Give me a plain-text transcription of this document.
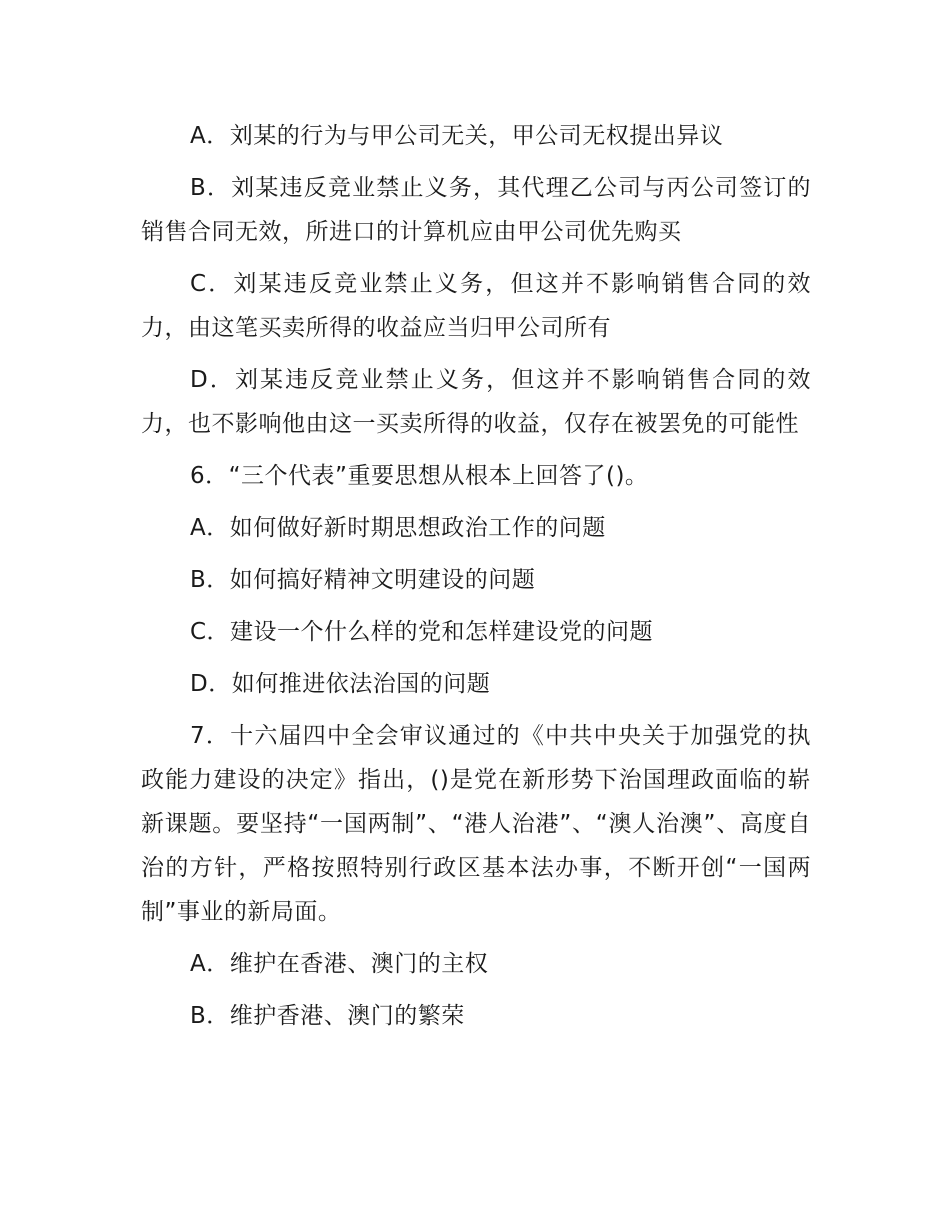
A．刘某的行为与甲公司无关，甲公司无权提出异议

B．刘某违反竞业禁止义务，其代理乙公司与丙公司签订的销售合同无效，所进口的计算机应由甲公司优先购买

C．刘某违反竞业禁止义务，但这并不影响销售合同的效力，由这笔买卖所得的收益应当归甲公司所有

D．刘某违反竞业禁止义务，但这并不影响销售合同的效力，也不影响他由这一买卖所得的收益，仅存在被罢免的可能性

6．“三个代表”重要思想从根本上回答了()。

A．如何做好新时期思想政治工作的问题

B．如何搞好精神文明建设的问题

C．建设一个什么样的党和怎样建设党的问题

D．如何推进依法治国的问题

7．十六届四中全会审议通过的《中共中央关于加强党的执政能力建设的决定》指出，()是党在新形势下治国理政面临的崭新课题。要坚持“一国两制”、“港人治港”、“澳人治澳”、高度自治的方针，严格按照特别行政区基本法办事，不断开创“一国两制”事业的新局面。

A．维护在香港、澳门的主权

B．维护香港、澳门的繁荣
